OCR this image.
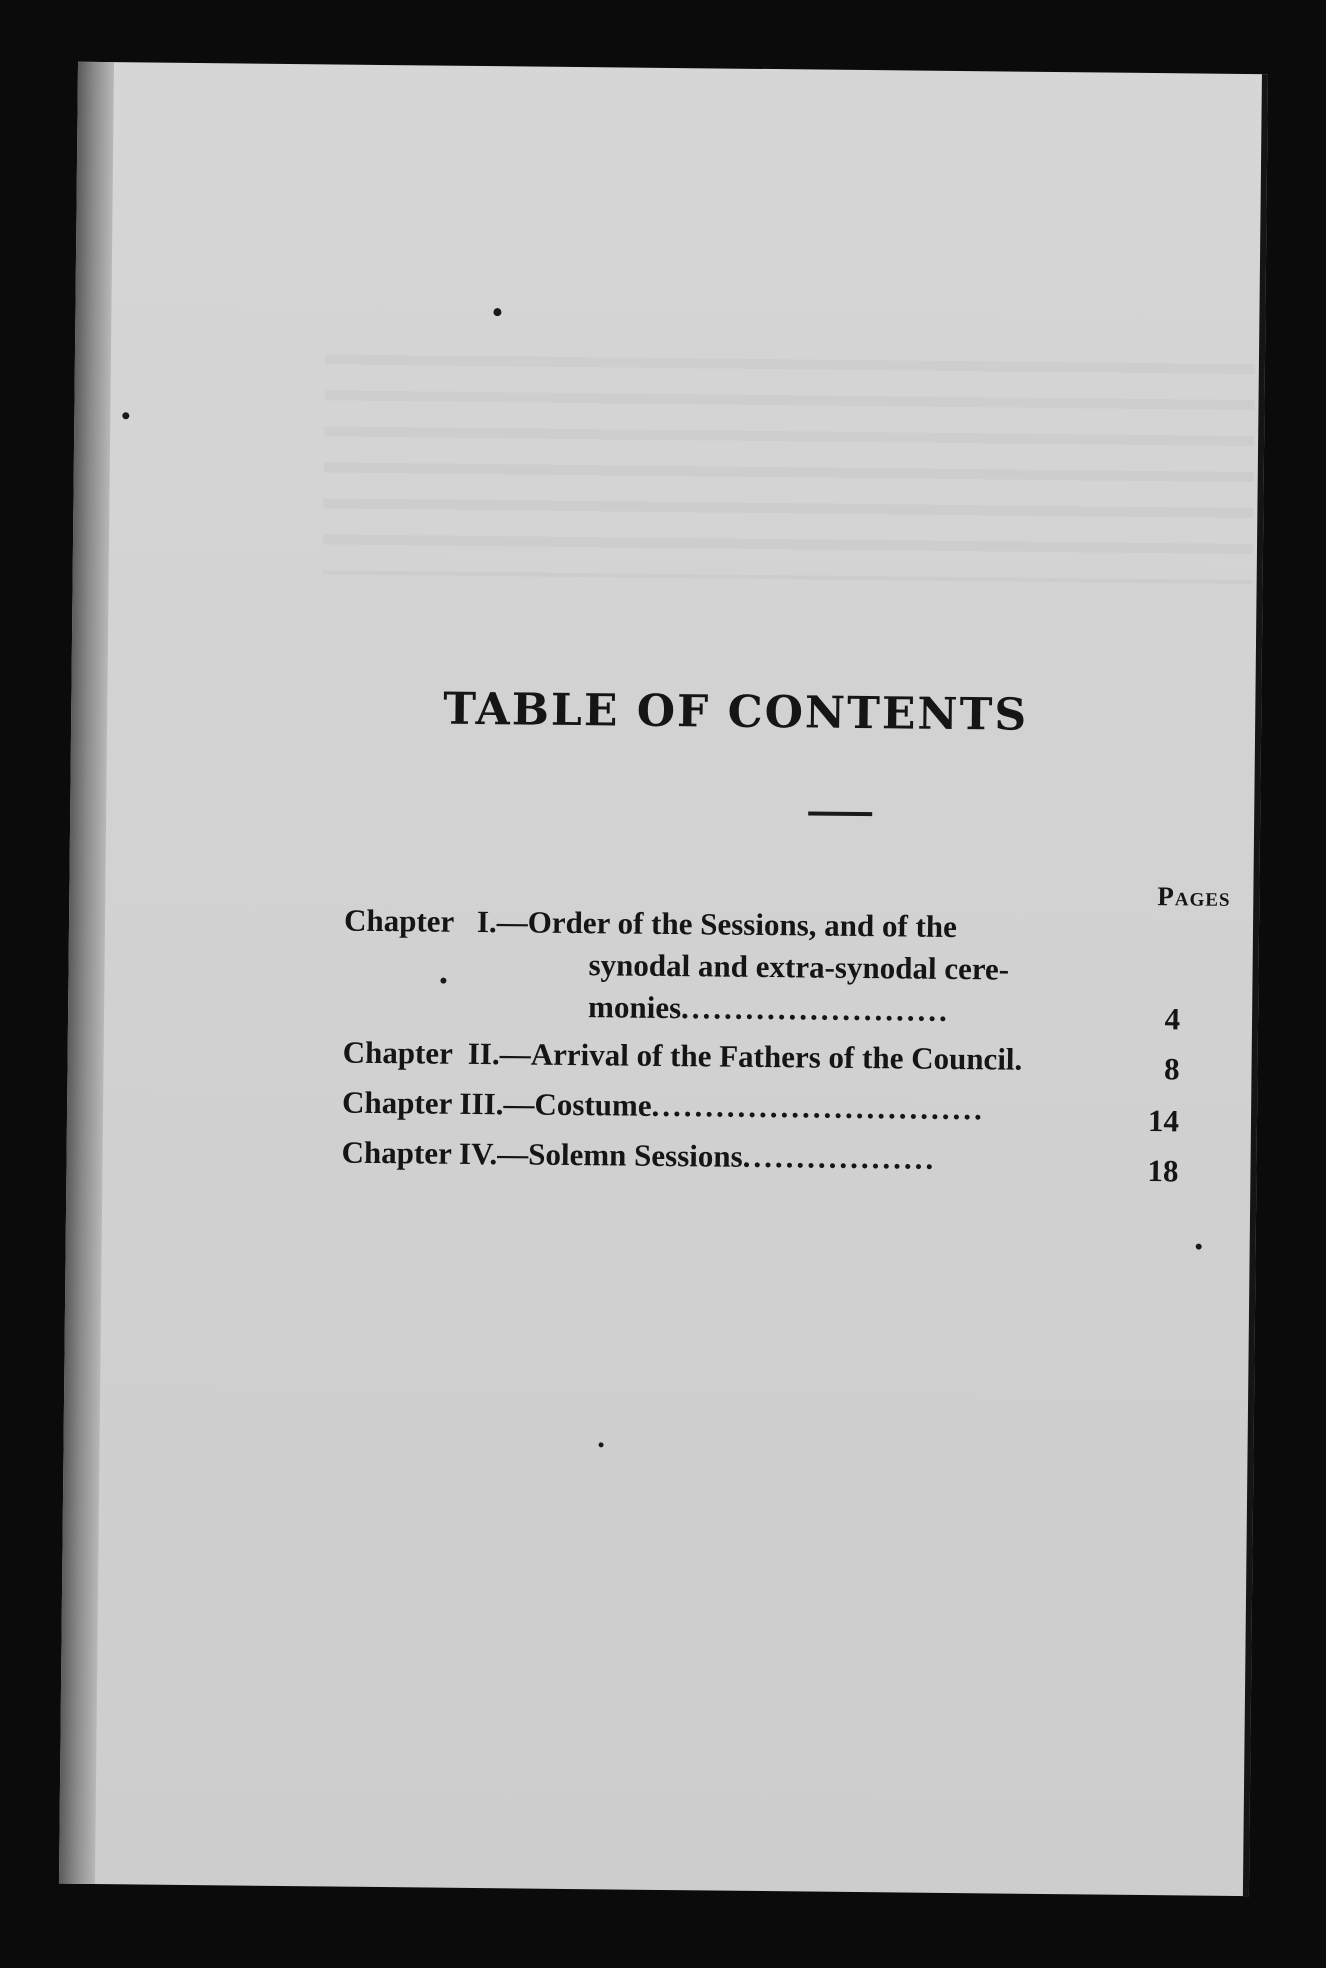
TABLE OF CONTENTS
Pages
Chapter   I.—Order of the Sessions, and of the
synodal and extra-synodal cere-
monies.........................	4
Chapter  II.—Arrival of the Fathers of the Council.	8
Chapter III.—Costume...............................	14
Chapter IV.—Solemn Sessions..................	18
